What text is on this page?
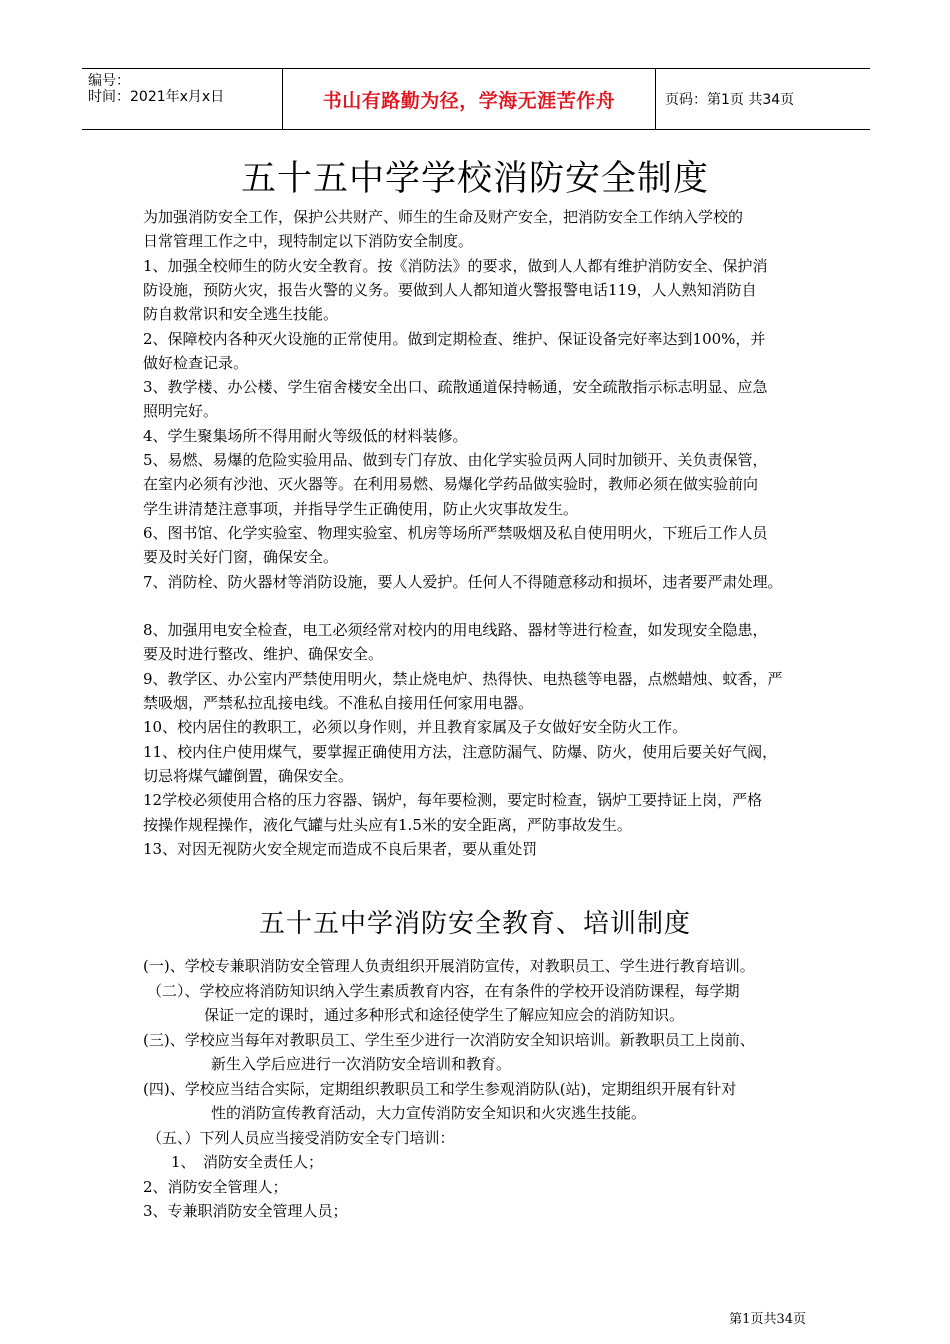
编号：
时间：2021年x月x日	书山有路勤为径，学海无涯苦作舟	页码：第1页 共34页
五十五中学学校消防安全制度
为加强消防安全工作，保护公共财产、师生的生命及财产安全，把消防安全工作纳入学校的
日常管理工作之中，现特制定以下消防安全制度。
1、加强全校师生的防火安全教育。按《消防法》的要求，做到人人都有维护消防安全、保护消
防设施，预防火灾，报告火警的义务。要做到人人都知道火警报警电话119，人人熟知消防自
防自救常识和安全逃生技能。
2、保障校内各种灭火设施的正常使用。做到定期检查、维护、保证设备完好率达到100%，并
做好检查记录。
3、教学楼、办公楼、学生宿舍楼安全出口、疏散通道保持畅通，安全疏散指示标志明显、应急
照明完好。
4、学生聚集场所不得用耐火等级低的材料装修。
5、易燃、易爆的危险实验用品、做到专门存放、由化学实验员两人同时加锁开、关负责保管，
在室内必须有沙池、灭火器等。在利用易燃、易爆化学药品做实验时，教师必须在做实验前向
学生讲清楚注意事项，并指导学生正确使用，防止火灾事故发生。
6、图书馆、化学实验室、物理实验室、机房等场所严禁吸烟及私自使用明火，下班后工作人员
要及时关好门窗，确保安全。
7、消防栓、防火器材等消防设施，要人人爱护。任何人不得随意移动和损坏，违者要严肃处理。
8、加强用电安全检查，电工必须经常对校内的用电线路、器材等进行检查，如发现安全隐患，
要及时进行整改、维护、确保安全。
9、教学区、办公室内严禁使用明火，禁止烧电炉、热得快、电热毯等电器，点燃蜡烛、蚊香，严
禁吸烟，严禁私拉乱接电线。不准私自接用任何家用电器。
10、校内居住的教职工，必须以身作则，并且教育家属及子女做好安全防火工作。
11、校内住户使用煤气，要掌握正确使用方法，注意防漏气、防爆、防火，使用后要关好气阀，
切忌将煤气罐倒置，确保安全。
12学校必须使用合格的压力容器、锅炉，每年要检测，要定时检查，锅炉工要持证上岗，严格
按操作规程操作，液化气罐与灶头应有1.5米的安全距离，严防事故发生。
13、对因无视防火安全规定而造成不良后果者，要从重处罚
五十五中学消防安全教育、培训制度
(一)、学校专兼职消防安全管理人负责组织开展消防宣传，对教职员工、学生进行教育培训。
（二）、学校应将消防知识纳入学生素质教育内容，在有条件的学校开设消防课程，每学期
保证一定的课时，通过多种形式和途径使学生了解应知应会的消防知识。
(三)、学校应当每年对教职员工、学生至少进行一次消防安全知识培训。新教职员工上岗前、
新生入学后应进行一次消防安全培训和教育。
(四)、学校应当结合实际，定期组织教职员工和学生参观消防队(站)，定期组织开展有针对
性的消防宣传教育活动，大力宣传消防安全知识和火灾逃生技能。
（五、）下列人员应当接受消防安全专门培训：
1、　消防安全责任人；
2、消防安全管理人；
3、专兼职消防安全管理人员；
第1页共34页
